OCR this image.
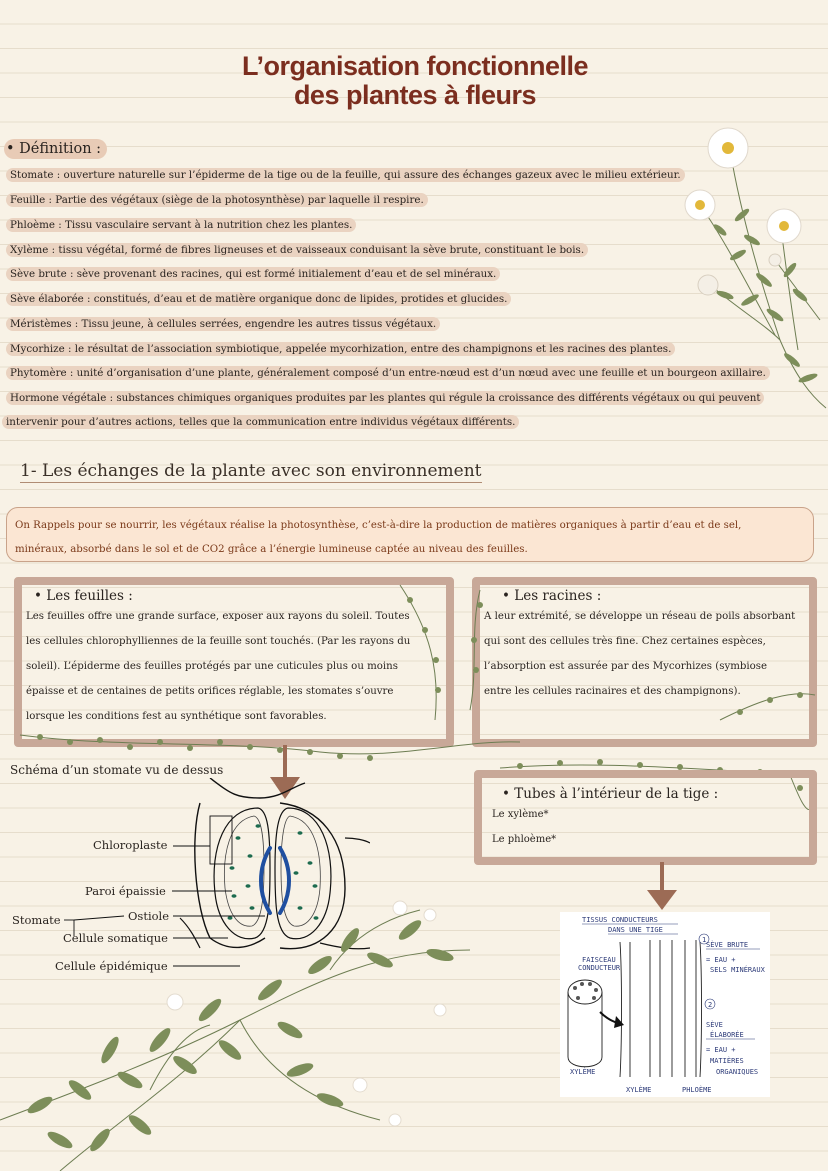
L’organisation fonctionnelle
des plantes à fleurs
• Définition :
Stomate : ouverture naturelle sur l’épiderme de la tige ou de la feuille, qui assure des échanges gazeux avec le milieu extérieur.
Feuille : Partie des végétaux (siège de la photosynthèse) par laquelle il respire.
Phloème : Tissu vasculaire servant à la nutrition chez les plantes.
Xylème : tissu végétal, formé de fibres ligneuses et de vaisseaux conduisant la sève brute, constituant le bois.
Sève brute : sève provenant des racines, qui est formé initialement d’eau et de sel minéraux.
Sève élaborée : constitués, d’eau et de matière organique donc de lipides, protides et glucides.
Méristèmes : Tissu jeune, à cellules serrées, engendre les autres tissus végétaux.
Mycorhize : le résultat de l’association symbiotique, appelée mycorhization, entre des champignons et les racines des plantes.
Phytomère : unité d’organisation d’une plante, généralement composé d’un entre-nœud est d’un nœud avec une feuille et un bourgeon axillaire.
Hormone végétale : substances chimiques organiques produites par les plantes qui régule la croissance des différents végétaux ou qui peuvent
intervenir pour d’autres actions, telles que la communication entre individus végétaux différents.
1- Les échanges de la plante avec son environnement
On Rappels pour se nourrir, les végétaux réalise la photosynthèse, c’est-à-dire la production de matières organiques à partir d’eau et de sel,
minéraux, absorbé dans le sol et de CO2 grâce a l’énergie lumineuse captée au niveau des feuilles.
• Les feuilles :
Les feuilles offre une grande surface, exposer aux rayons du soleil. Toutes
les cellules chlorophylliennes de la feuille sont touchés. (Par les rayons du
soleil). L’épiderme des feuilles protégés par une cuticules plus ou moins
épaisse et de centaines de petits orifices réglable, les stomates s’ouvre
lorsque les conditions fest au synthétique sont favorables.
• Les racines :
A leur extrémité, se développe un réseau de poils absorbant
qui sont des cellules très fine. Chez certaines espèces,
l’absorption est assurée par des Mycorhizes (symbiose
entre les cellules racinaires et des champignons).
• Tubes à l’intérieur de la tige :
Le xylème*
Le phloème*
Schéma d’un stomate vu de dessus
Chloroplaste
Paroi épaissie
Ostiole
Stomate
Cellule somatique
Cellule épidémique
TISSUS CONDUCTEURS
DANS UNE TIGE
FAISCEAU
CONDUCTEUR
1
SÈVE BRUTE
= EAU +
SELS MINÉRAUX
2
SÈVE
ÉLABORÉE
= EAU +
MATIÈRES
ORGANIQUES
XYLÈME
XYLÈME	PHLOÈME
